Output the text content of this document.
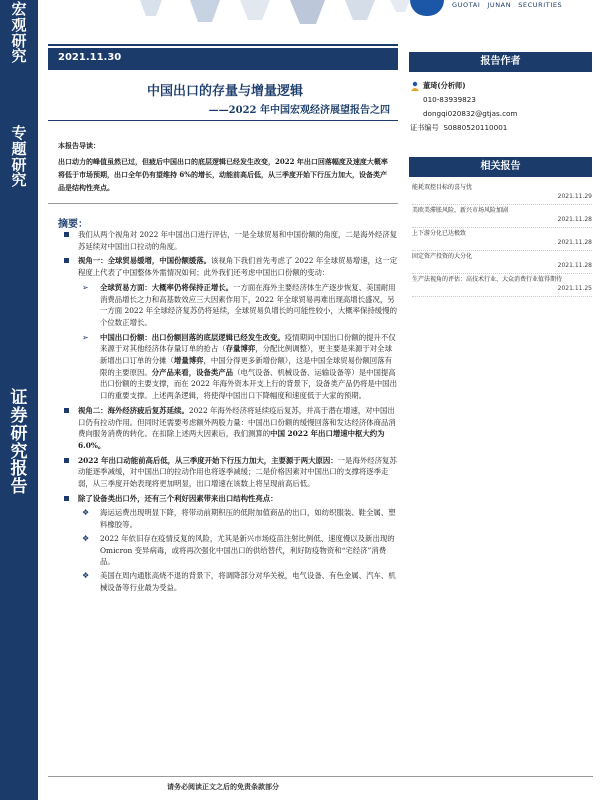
宏观研究
专题研究
证券研究报告
GUOTAI JUNAN SECURITIES
2021.11.30
中国出口的存量与增量逻辑
——2022 年中国宏观经济展望报告之四
本报告导读：
出口动力的峰值虽然已过，但疲后中国出口的底层逻辑已经发生改变，2022 年出口回落幅度及速度大概率将低于市场预期，出口全年仍有望维持 6%的增长，动能前高后低，从三季度开始下行压力加大，设备类产品是结构性亮点。
摘要：
我们从两个视角对 2022 年中国出口进行评估，一是全球贸易和中国份额的角度，二是海外经济复苏延续对中国出口拉动的角度。
视角一：全球贸易缓增，中国份额缓落。该视角下我们首先考虑了 2022 年全球贸易增速，这一定程度上代表了中国整体外需情况如何；此外我们还考虑中国出口份额的变动：
➢ 全球贸易方面：大概率仍将保持正增长。一方面在海外主要经济体生产逐步恢复、美国耐用消费品增长之力和高基数效应三大因素作用下，2022 年全球贸易再难出现高增长盛况，另一方面 2022 年全球经济复苏仍将延续，全球贸易负增长的可能性较小，大概率保持缓慢的个位数正增长。
➢ 中国出口份额：出口份额回落的底层逻辑已经发生改变。疫情期间中国出口份额的提升不仅来源于对其他经济体存量订单的抢占（存量博弈，分配比例调整），更主要是来源于对全球新增出口订单的分摊（增量博弈，中国分得更多新增份额），这是中国全球贸易份额回落有限的主要原因。分产品来看，设备类产品（电气设备、机械设备、运输设备等）是中国提高出口份额的主要支撑，而在 2022 年海外资本开支上行的背景下，设备类产品仍将是中国出口的重要支撑。上述两条逻辑，将使得中国出口下降幅度和速度低于大家的预期。
视角二：海外经济疲后复苏延续。2022 年海外经济将延续疫后复苏，并高于潜在增速，对中国出口仍有拉动作用。但同时还需要考虑额外两股力量：中国出口份额的缓慢回落和发达经济体商品消费向服务消费的转化。在扣除上述两大因素后，我们测算的中国 2022 年出口增速中枢大约为 6.0%。
2022 年出口动能前高后低，从三季度开始下行压力加大，主要源于两大原因：一是海外经济复苏动能逐季减缓，对中国出口的拉动作用也将逐季减缓；二是价格因素对中国出口的支撑将逐季走弱，从三季度开始表现将更加明显，出口增速在该数上将呈现前高后低。
除了设备类出口外，还有三个利好因素带来出口结构性亮点：
❖ 海运运费出现明显下降，将带动前期积压的低附加值商品的出口，如纺织服装、鞋全属、塑料橡胶等。
❖ 2022 年依旧存在疫情反复的风险，尤其是新兴市场疫苗注射比例低、速度慢以及新出现的 Omicron 变异病毒，或将再次强化中国出口的供给替代，利好防疫物资和“宅经济”消费品。
❖ 美国在周内通胀高烧不退的背景下，将调降部分对华关税，电气设备、有色金属、汽车、机械设备等行业最为受益。
报告作者
董琦(分析师)
010-83939823
dongqi020832@gtjas.com
证书编号 S0880520110001
相关报告
能耗双控目标的喜与忧
2021.11.29
美欧美滞胀风险，新兴市场风险加剧
2021.11.28
上下游分化已达极致
2021.11.28
固定资产投资的大分化
2021.11.28
生产法视角的评估：高技术行业、大众消费行业值得期待
2021.11.25
请务必阅读正文之后的免责条款部分
